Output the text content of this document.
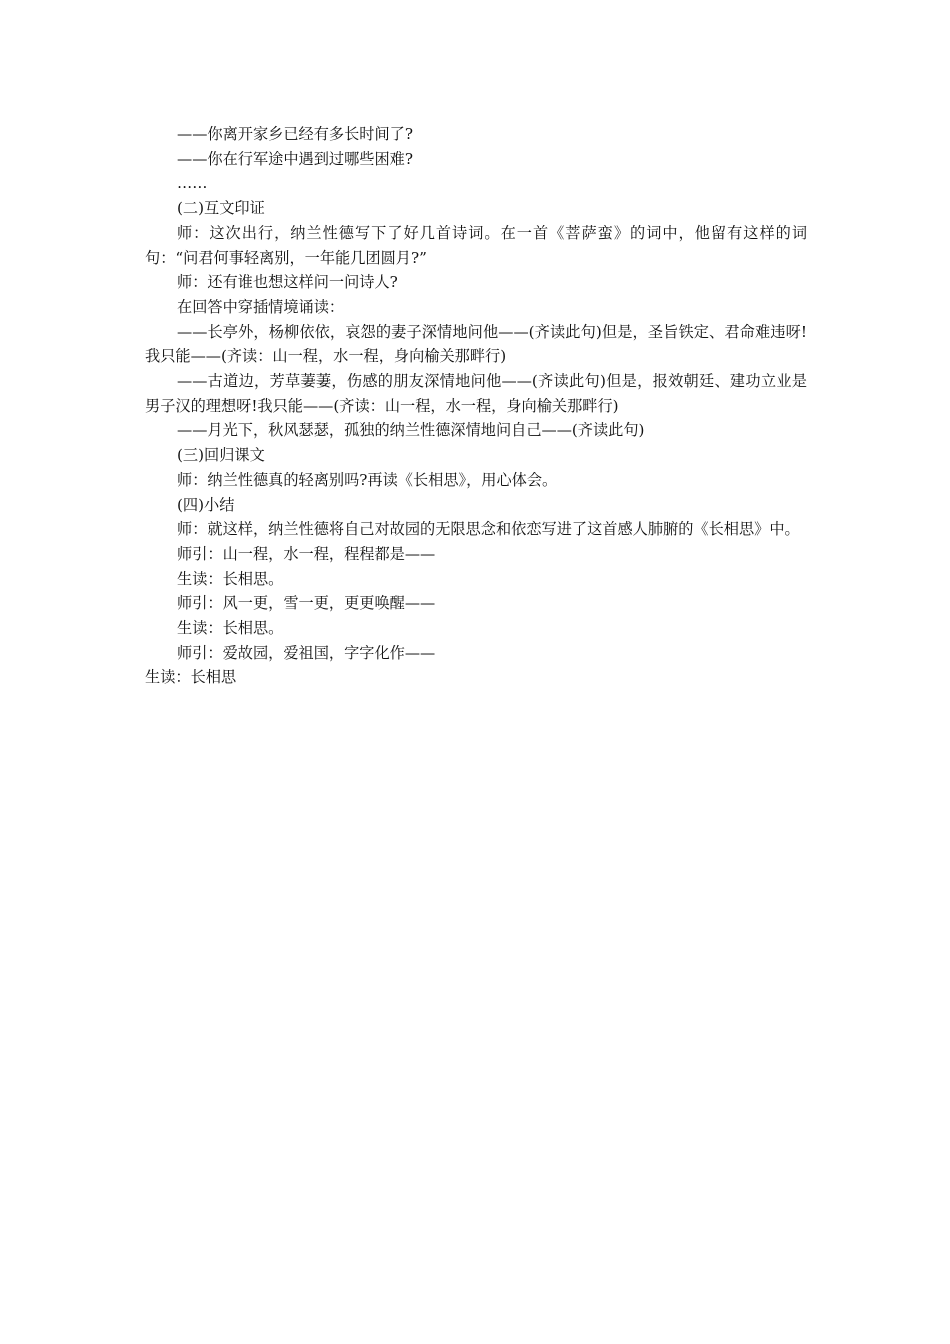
——你离开家乡已经有多长时间了?

——你在行军途中遇到过哪些困难?

……

(二)互文印证

师：这次出行，纳兰性德写下了好几首诗词。在一首《菩萨蛮》的词中，他留有这样的词句：“问君何事轻离别，一年能几团圆月?”

师：还有谁也想这样问一问诗人?

在回答中穿插情境诵读：

——长亭外，杨柳依依，哀怨的妻子深情地问他——(齐读此句)但是，圣旨铁定、君命难违呀!我只能——(齐读：山一程，水一程，身向榆关那畔行)

——古道边，芳草萋萋，伤感的朋友深情地问他——(齐读此句)但是，报效朝廷、建功立业是男子汉的理想呀!我只能——(齐读：山一程，水一程，身向榆关那畔行)

——月光下，秋风瑟瑟，孤独的纳兰性德深情地问自己——(齐读此句)

(三)回归课文

师：纳兰性德真的轻离别吗?再读《长相思》，用心体会。

(四)小结

师：就这样，纳兰性德将自己对故园的无限思念和依恋写进了这首感人肺腑的《长相思》中。

师引：山一程，水一程，程程都是——

生读：长相思。

师引：风一更，雪一更，更更唤醒——

生读：长相思。

师引：爱故园，爱祖国，字字化作——

生读：长相思
